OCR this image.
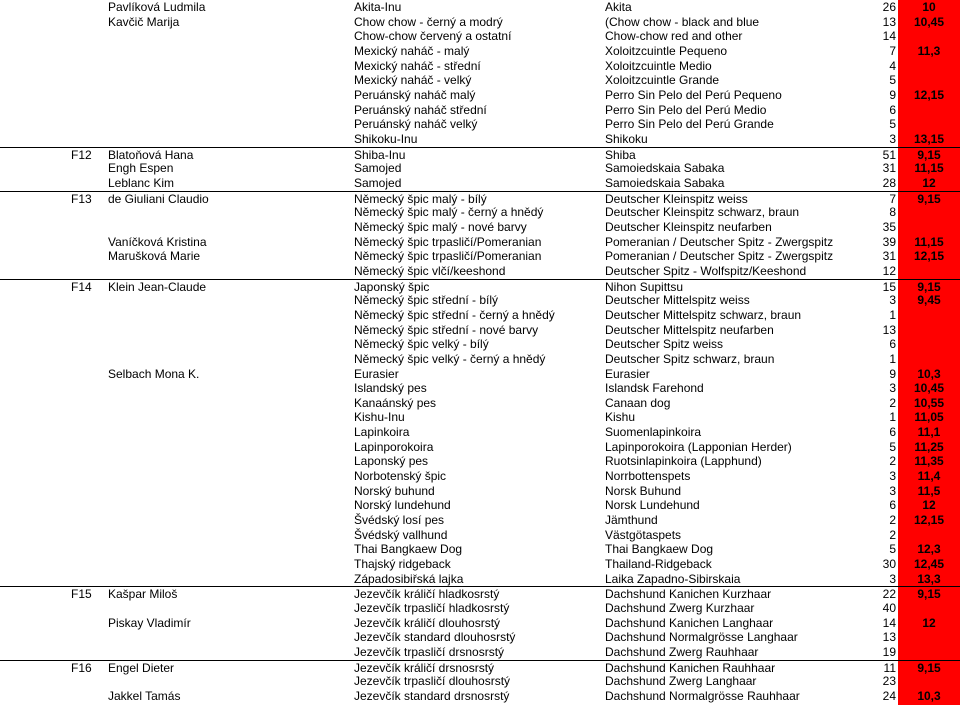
Pavlíková Ludmila	Akita-Inu	Akita	26	10
Kavčič Marija	Chow chow - černý a modrý	(Chow chow - black and blue	13	10,45
Chow-chow červený a ostatní	Chow-chow red and other	14
Mexický naháč - malý	Xoloitzcuintle Pequeno	7	11,3
Mexický naháč - střední	Xoloitzcuintle Medio	4
Mexický naháč - velký	Xoloitzcuintle Grande	5
Peruánský naháč malý	Perro Sin Pelo del Perú Pequeno	9	12,15
Peruánský naháč střední	Perro Sin Pelo del Perú Medio	6
Peruánský naháč velký	Perro Sin Pelo del Perú Grande	5
Shikoku-Inu	Shikoku	3	13,15
F12 Blatoňová Hana	Shiba-Inu	Shiba	51	9,15
Engh Espen	Samojed	Samoiedskaia Sabaka	31	11,15
Leblanc Kim	Samojed	Samoiedskaia Sabaka	28	12
F13 de Giuliani Claudio	Německý špic malý - bílý	Deutscher Kleinspitz weiss	7	9,15
Německý špic malý - černý a hnědý	Deutscher Kleinspitz schwarz, braun	8
Německý špic malý - nové barvy	Deutscher Kleinspitz neufarben	35
Vaníčková Kristina	Německý špic trpasličí/Pomeranian	Pomeranian / Deutscher Spitz - Zwergspitz	39	11,15
Marušková Marie	Německý špic trpasličí/Pomeranian	Pomeranian / Deutscher Spitz - Zwergspitz	31	12,15
Německý špic vlčí/keeshond	Deutscher Spitz - Wolfspitz/Keeshond	12
F14 Klein Jean-Claude	Japonský špic	Nihon Supittsu	15	9,15
Německý špic střední - bílý	Deutscher Mittelspitz weiss	3	9,45
Německý špic střední - černý a hnědý	Deutscher Mittelspitz schwarz, braun	1
Německý špic střední - nové barvy	Deutscher Mittelspitz neufarben	13
Německý špic velký - bílý	Deutscher Spitz weiss	6
Německý špic velký - černý a hnědý	Deutscher Spitz schwarz, braun	1
Selbach Mona K.	Eurasier	Eurasier	9	10,3
Islandský pes	Islandsk Farehond	3	10,45
Kanaánský pes	Canaan dog	2	10,55
Kishu-Inu	Kishu	1	11,05
Lapinkoira	Suomenlapinkoira	6	11,1
Lapinporokoira	Lapinporokoira (Lapponian Herder)	5	11,25
Laponský pes	Ruotsinlapinkoira (Lapphund)	2	11,35
Norbotenský špic	Norrbottenspets	3	11,4
Norský buhund	Norsk Buhund	3	11,5
Norský lundehund	Norsk Lundehund	6	12
Švédský losí pes	Jämthund	2	12,15
Švédský vallhund	Västgötaspets	2
Thai Bangkaew Dog	Thai Bangkaew Dog	5	12,3
Thajský ridgeback	Thailand-Ridgeback	30	12,45
Západosibiřská lajka	Laika Zapadno-Sibirskaia	3	13,3
F15 Kašpar Miloš	Jezevčík králičí hladkosrstý	Dachshund Kanichen Kurzhaar	22	9,15
Jezevčík trpasličí hladkosrstý	Dachshund Zwerg Kurzhaar	40
Piskay Vladimír	Jezevčík králičí dlouhosrstý	Dachshund Kanichen Langhaar	14	12
Jezevčík standard dlouhosrstý	Dachshund Normalgrösse Langhaar	13
Jezevčík trpasličí drsnosrstý	Dachshund Zwerg Rauhhaar	19
F16 Engel Dieter	Jezevčík králičí drsnosrstý	Dachshund Kanichen Rauhhaar	11	9,15
Jezevčík trpasličí dlouhosrstý	Dachshund Zwerg Langhaar	23
Jakkel Tamás	Jezevčík standard drsnosrstý	Dachshund Normalgrösse Rauhhaar	24	10,3
